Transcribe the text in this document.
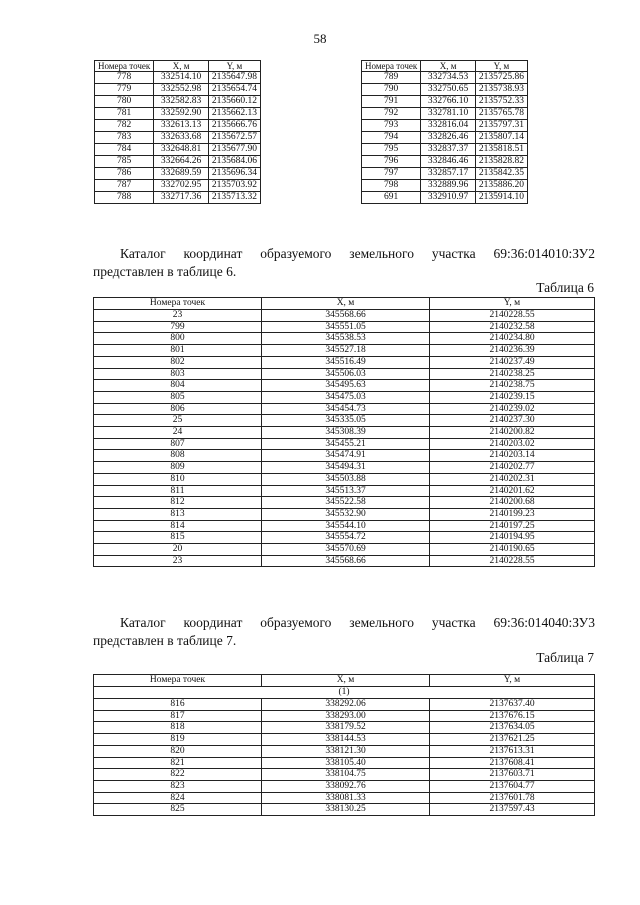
58
Номера точек	X, м	Y, м
778	332514.10	2135647.98
779	332552.98	2135654.74
780	332582.83	2135660.12
781	332592.90	2135662.13
782	332613.13	2135666.76
783	332633.68	2135672.57
784	332648.81	2135677.90
785	332664.26	2135684.06
786	332689.59	2135696.34
787	332702.95	2135703.92
788	332717.36	2135713.32
Номера точек	X, м	Y, м
789	332734.53	2135725.86
790	332750.65	2135738.93
791	332766.10	2135752.33
792	332781.10	2135765.78
793	332816.04	2135797.31
794	332826.46	2135807.14
795	332837.37	2135818.51
796	332846.46	2135828.82
797	332857.17	2135842.35
798	332889.96	2135886.20
691	332910.97	2135914.10
Каталог координат образуемого земельного участка 69:36:014010:ЗУ2
представлен в таблице 6.
Таблица 6
Номера точек	X, м	Y, м
23	345568.66	2140228.55
799	345551.05	2140232.58
800	345538.53	2140234.80
801	345527.18	2140236.39
802	345516.49	2140237.49
803	345506.03	2140238.25
804	345495.63	2140238.75
805	345475.03	2140239.15
806	345454.73	2140239.02
25	345335.05	2140237.30
24	345308.39	2140200.82
807	345455.21	2140203.02
808	345474.91	2140203.14
809	345494.31	2140202.77
810	345503.88	2140202.31
811	345513.37	2140201.62
812	345522.58	2140200.68
813	345532.90	2140199.23
814	345544.10	2140197.25
815	345554.72	2140194.95
20	345570.69	2140190.65
23	345568.66	2140228.55
Каталог координат образуемого земельного участка 69:36:014040:ЗУ3
представлен в таблице 7.
Таблица 7
Номера точек	X, м	Y, м
(1)		
816	338292.06	2137637.40
817	338293.00	2137676.15
818	338179.52	2137634.05
819	338144.53	2137621.25
820	338121.30	2137613.31
821	338105.40	2137608.41
822	338104.75	2137603.71
823	338092.76	2137604.77
824	338081.33	2137601.78
825	338130.25	2137597.43
